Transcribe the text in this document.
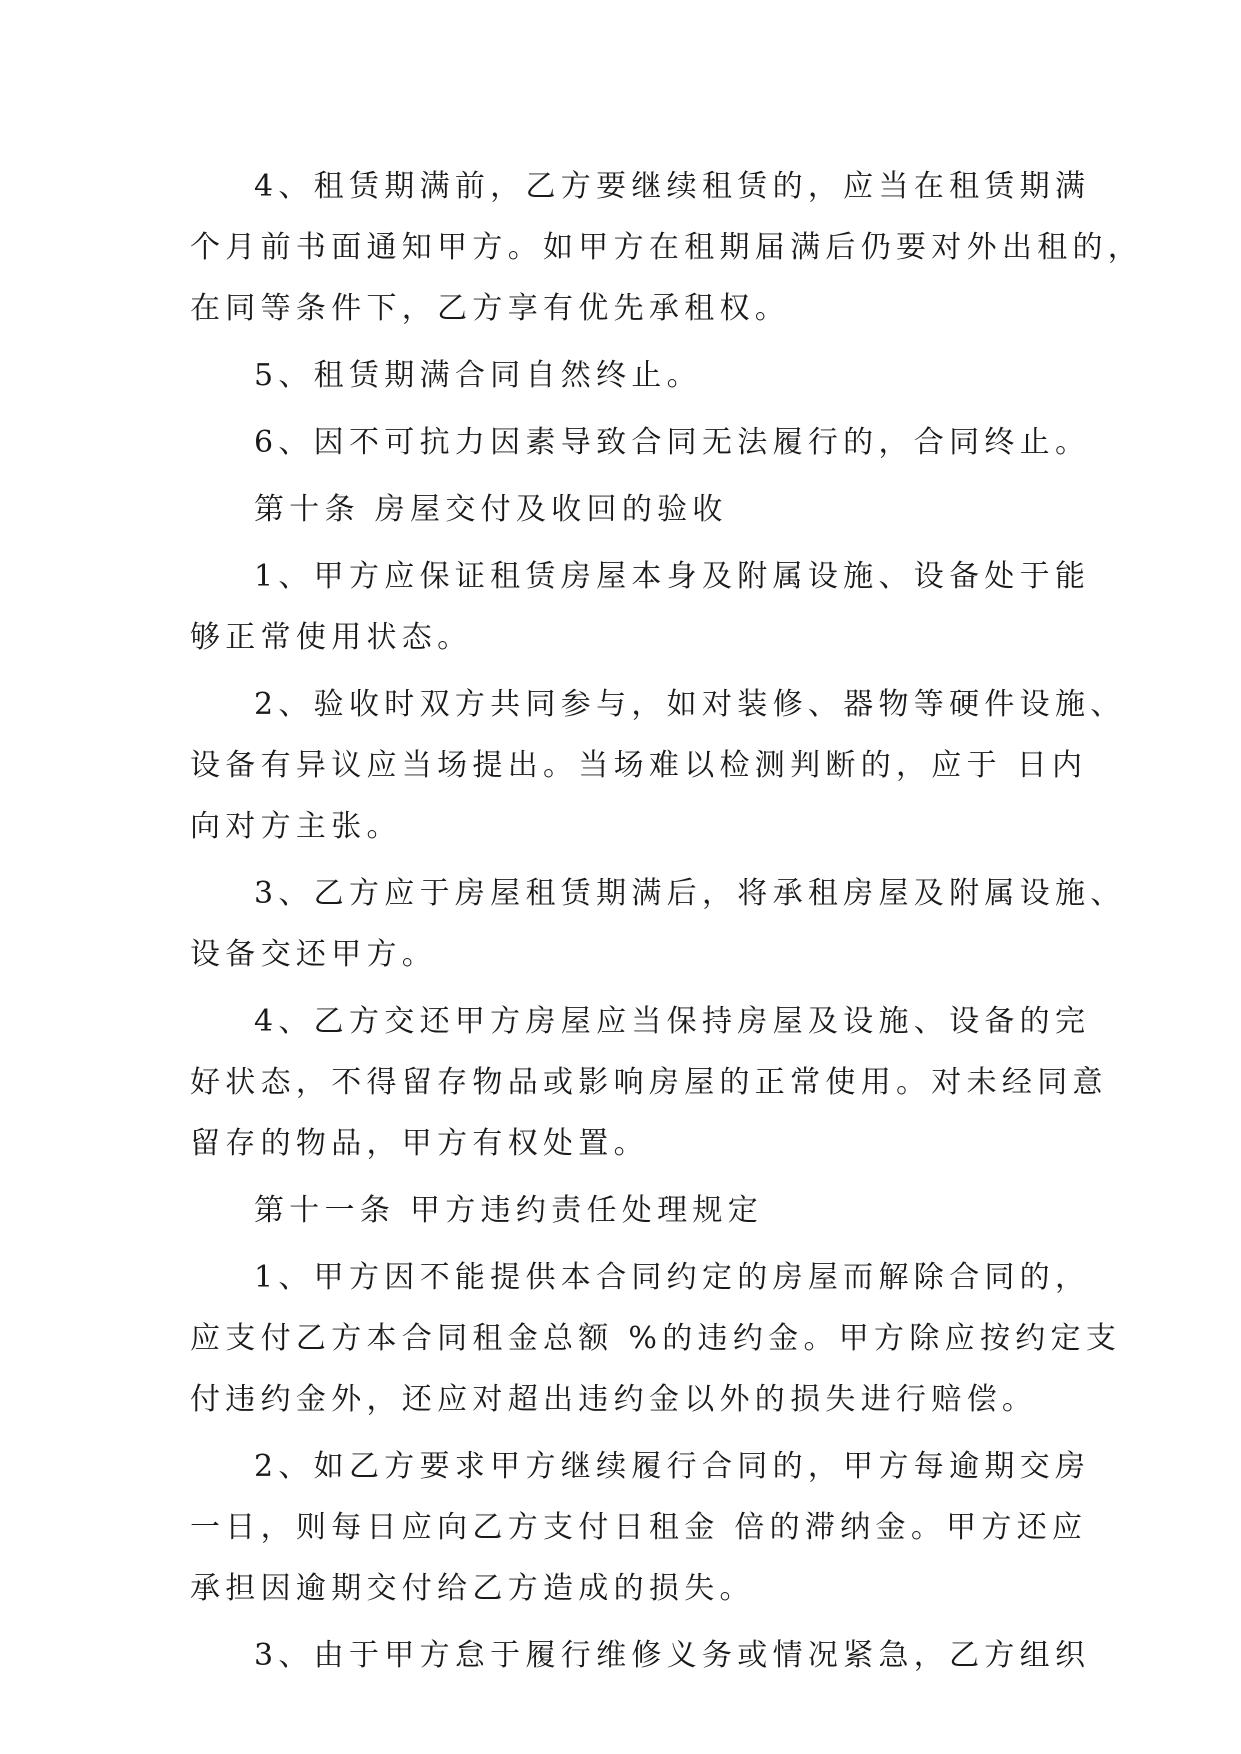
4、租赁期满前，乙方要继续租赁的，应当在租赁期满
个月前书面通知甲方。如甲方在租期届满后仍要对外出租的，
在同等条件下，乙方享有优先承租权。
5、租赁期满合同自然终止。
6、因不可抗力因素导致合同无法履行的，合同终止。
第十条 房屋交付及收回的验收
1、甲方应保证租赁房屋本身及附属设施、设备处于能
够正常使用状态。
2、验收时双方共同参与，如对装修、器物等硬件设施、
设备有异议应当场提出。当场难以检测判断的，应于 日内
向对方主张。
3、乙方应于房屋租赁期满后，将承租房屋及附属设施、
设备交还甲方。
4、乙方交还甲方房屋应当保持房屋及设施、设备的完
好状态，不得留存物品或影响房屋的正常使用。对未经同意
留存的物品，甲方有权处置。
第十一条 甲方违约责任处理规定
1、甲方因不能提供本合同约定的房屋而解除合同的，
应支付乙方本合同租金总额 %的违约金。甲方除应按约定支
付违约金外，还应对超出违约金以外的损失进行赔偿。
2、如乙方要求甲方继续履行合同的，甲方每逾期交房
一日，则每日应向乙方支付日租金 倍的滞纳金。甲方还应
承担因逾期交付给乙方造成的损失。
3、由于甲方怠于履行维修义务或情况紧急，乙方组织
